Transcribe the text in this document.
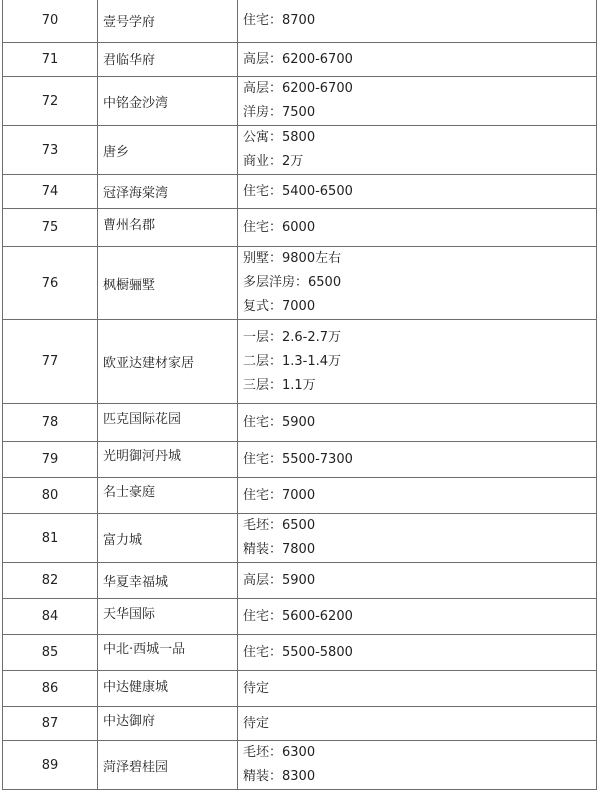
70	壹号学府	住宅：8700

71	君临华府	高层：6200-6700

72	中铭金沙湾	高层：6200-6700
洋房：7500

73	唐乡	公寓：5800
商业：2万

74	冠泽海棠湾	住宅：5400-6500

75	曹州名郡	住宅：6000

76	枫橱骊墅	别墅：9800左右
多层洋房：6500
复式：7000

77	欧亚达建材家居	一层：2.6-2.7万
二层：1.3-1.4万
三层：1.1万

78	匹克国际花园	住宅：5900

79	光明御河丹城	住宅：5500-7300

80	名士豪庭	住宅：7000

81	富力城	毛坯：6500
精装：7800

82	华夏幸福城	高层：5900

84	天华国际	住宅：5600-6200

85	中北·西城一品	住宅：5500-5800

86	中达健康城	待定

87	中达御府	待定

89	菏泽碧桂园	毛坯：6300
精装：8300
